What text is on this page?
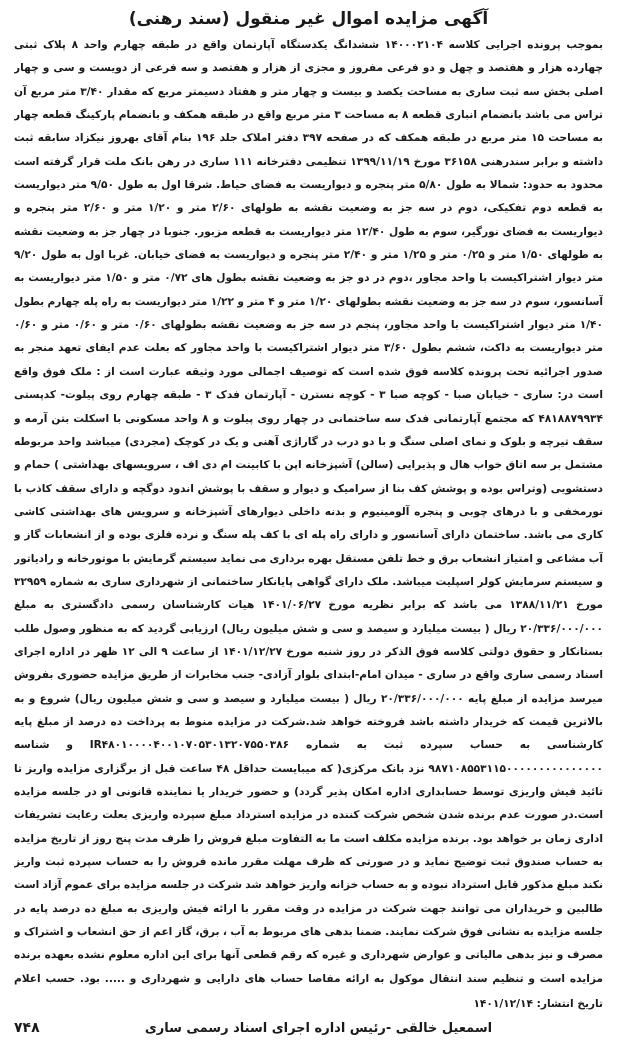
آگهی مزایده اموال غیر منقول (سند رهنی)

بموجب پرونده اجرایی کلاسه ۱۴۰۰۰۲۱۰۴ ششدانگ یکدستگاه آپارتمان واقع در طبقه چهارم واحد ۸ پلاک ثبتی چهارده هزار و هفتصد و چهل و دو فرعی مفروز و مجزی از هزار و هفتصد و سه فرعی از دویست و سی و چهار اصلی بخش سه ثبت ساری به مساحت یکصد و بیست و چهار متر و هفتاد دسیمتر مربع که مقدار ۳/۴۰ متر مربع آن تراس می باشد بانضمام انباری قطعه ۸ به مساحت ۳ متر مربع واقع در طبقه همکف و بانضمام پارکینگ قطعه چهار به مساحت ۱۵ متر مربع در طبقه همکف که در صفحه ۳۹۷ دفتر املاک جلد ۱۹۶ بنام آقای بهروز نیکزاد سابقه ثبت داشته و برابر سندرهنی ۳۶۱۵۸ مورخ ۱۳۹۹/۱۱/۱۹ تنظیمی دفترخانه ۱۱۱ ساری در رهن بانک ملت قرار گرفته است محدود به حدود: شمالا به طول ۵/۸۰ متر پنجره و دیواریست به فضای حیاط. شرقا اول به طول ۹/۵۰ متر دیواریست به قطعه دوم تفکیکی، دوم در سه جز به وضعیت نقشه به طولهای ۲/۶۰ متر و ۱/۲۰ متر و ۲/۶۰ متر پنجره و دیواریست به فضای نورگیر، سوم به طول ۱۲/۴۰ متر دیواریست به قطعه مزبور. جنوبا در چهار جز به وضعیت نقشه به طولهای ۱/۵۰ متر و ۰/۲۵ متر و ۱/۲۵ متر و ۲/۴۰ متر پنجره و دیواریست به فضای خیابان. غربا اول به طول ۹/۲۰ متر دیوار اشتراکیست با واحد مجاور ،دوم در دو جز به وضعیت نقشه بطول های ۰/۷۲ متر و ۱/۵۰ متر دیواریست به آسانسور، سوم در سه جز به وضعیت نقشه بطولهای ۱/۲۰ متر و ۴ متر و ۱/۲۲ متر دیواریست به راه پله چهارم بطول ۱/۴۰ متر دیوار اشتراکیست با واحد مجاور، پنجم در سه جز به وضعیت نقشه بطولهای ۰/۶۰ متر و ۰/۶۰ متر و ۰/۶۰ متر دیواریست به داکت، ششم بطول ۳/۶۰ متر دیوار اشتراکیست با واحد مجاور که بعلت عدم ایفای تعهد منجر به صدور اجرائیه تحت پرونده کلاسه فوق شده است که توصیف اجمالی مورد وثیقه عبارت است از : ملک فوق واقع است در: ساری - خیابان صبا - کوچه صبا ۳ - کوچه نسترن - آپارتمان فدک ۳ - طبقه چهارم روی پیلوت- کدپستی ۴۸۱۸۸۷۹۹۳۴ که مجتمع آپارتمانی فدک سه ساختمانی در چهار روی پیلوت و ۸ واحد مسکونی با اسکلت بتن آرمه و سقف تیرچه و بلوک و نمای اصلی سنگ و با دو درب در گاراژی آهنی و یک در کوچک (مجردی) میباشد واحد مربوطه مشتمل بر سه اتاق خواب هال و پذیرایی (سالن) آشپزخانه اپن با کابینت ام دی اف ، سرویسهای بهداشتی ) حمام و دستشویی (وتراس بوده و پوشش کف بنا از سرامیک و دیوار و سقف با پوشش اندود دوگچه و دارای سقف کاذب با نورمخفی و با درهای چوبی و پنجره آلومینیوم و بدنه داخلی دیوارهای آشپزخانه و سرویس های بهداشتی کاشی کاری می باشد. ساختمان دارای آسانسور و دارای راه پله ای با کف پله سنگ و نرده فلزی بوده و از انشعابات گاز و آب مشاعی و امتیاز انشعاب برق و خط تلفن مستقل بهره برداری می نماید سیستم گرمایش با موتورخانه و رادیاتور و سیستم سرمایش کولر اسپلیت میباشد. ملک دارای گواهی پایانکار ساختمانی از شهرداری ساری به شماره ۳۲۹۵۹ مورخ ۱۳۸۸/۱۱/۲۱ می باشد که برابر نظریه مورخ ۱۴۰۱/۰۶/۲۷ هیات کارشناسان رسمی دادگستری به مبلغ ۲۰/۳۳۶/۰۰۰/۰۰۰ ریال ( بیست میلیارد و سیصد و سی و شش میلیون ریال) ارزیابی گردید که به منظور وصول طلب بستانکار و حقوق دولتی کلاسه فوق الذکر در روز شنبه مورخ ۱۴۰۱/۱۲/۲۷ از ساعت ۹ الی ۱۲ ظهر در اداره اجرای اسناد رسمی ساری واقع در ساری - میدان امام-ابتدای بلوار آزادی- جنب مخابرات از طریق مزایده حضوری بفروش میرسد مزایده از مبلغ پایه ۲۰/۳۳۶/۰۰۰/۰۰۰ ریال ( بیست میلیارد و سیصد و سی و شش میلیون ریال) شروع و به بالاترین قیمت که خریدار داشته باشد فروخته خواهد شد.شرکت در مزایده منوط به پرداخت ده درصد از مبلغ پایه کارشناسی به حساب سپرده ثبت به شماره IR۴۸۰۱۰۰۰۰۴۰۰۱۰۷۰۵۳۰۱۳۲۰۷۵۵۰۳۸۶ و شناسه ۹۸۷۱۰۸۵۵۳۱۱۵۰۰۰۰۰۰۰۰۰۰۰۰۰۰۰ نزد بانک مرکزی( که میبایست حداقل ۴۸ ساعت قبل از برگزاری مزایده واریز تا تائید فیش واریزی توسط حسابداری اداره امکان پذیر گردد) و حضور خریدار یا نماینده قانونی او در جلسه مزایده است.در صورت عدم برنده شدن شخص شرکت کننده در مزایده استرداد مبلغ سپرده واریزی بعلت رعایت تشریفات اداری زمان بر خواهد بود. برنده مزایده مکلف است ما به التفاوت مبلغ فروش را ظرف مدت پنج روز از تاریخ مزایده به حساب صندوق ثبت توضیح نماید و در صورتی که ظرف مهلت مقرر مانده فروش را به حساب سپرده ثبت واریز نکند مبلغ مذکور قابل استرداد نبوده و به حساب خزانه واریز خواهد شد شرکت در جلسه مزایده برای عموم آزاد است طالبین و خریداران می توانند جهت شرکت در مزایده در وقت مقرر با ارائه فیش واریزی به مبلغ ده درصد پایه در جلسه مزایده به نشانی فوق شرکت نمایند. ضمنا بدهی های مربوط به آب ، برق، گاز اعم از حق انشعاب و اشتراک و مصرف و نیز بدهی مالیاتی و عوارض شهرداری و غیره که رقم قطعی آنها برای این اداره معلوم نشده بعهده برنده مزایده است و تنظیم سند انتقال موکول به ارائه مفاصا حساب های دارایی و شهرداری و ..... بود. حسب اعلام

تاریخ انتشار: ۱۴۰۱/۱۲/۱۴
اسمعیل خالقی -رئیس اداره اجرای اسناد رسمی ساری
۷۴۸
